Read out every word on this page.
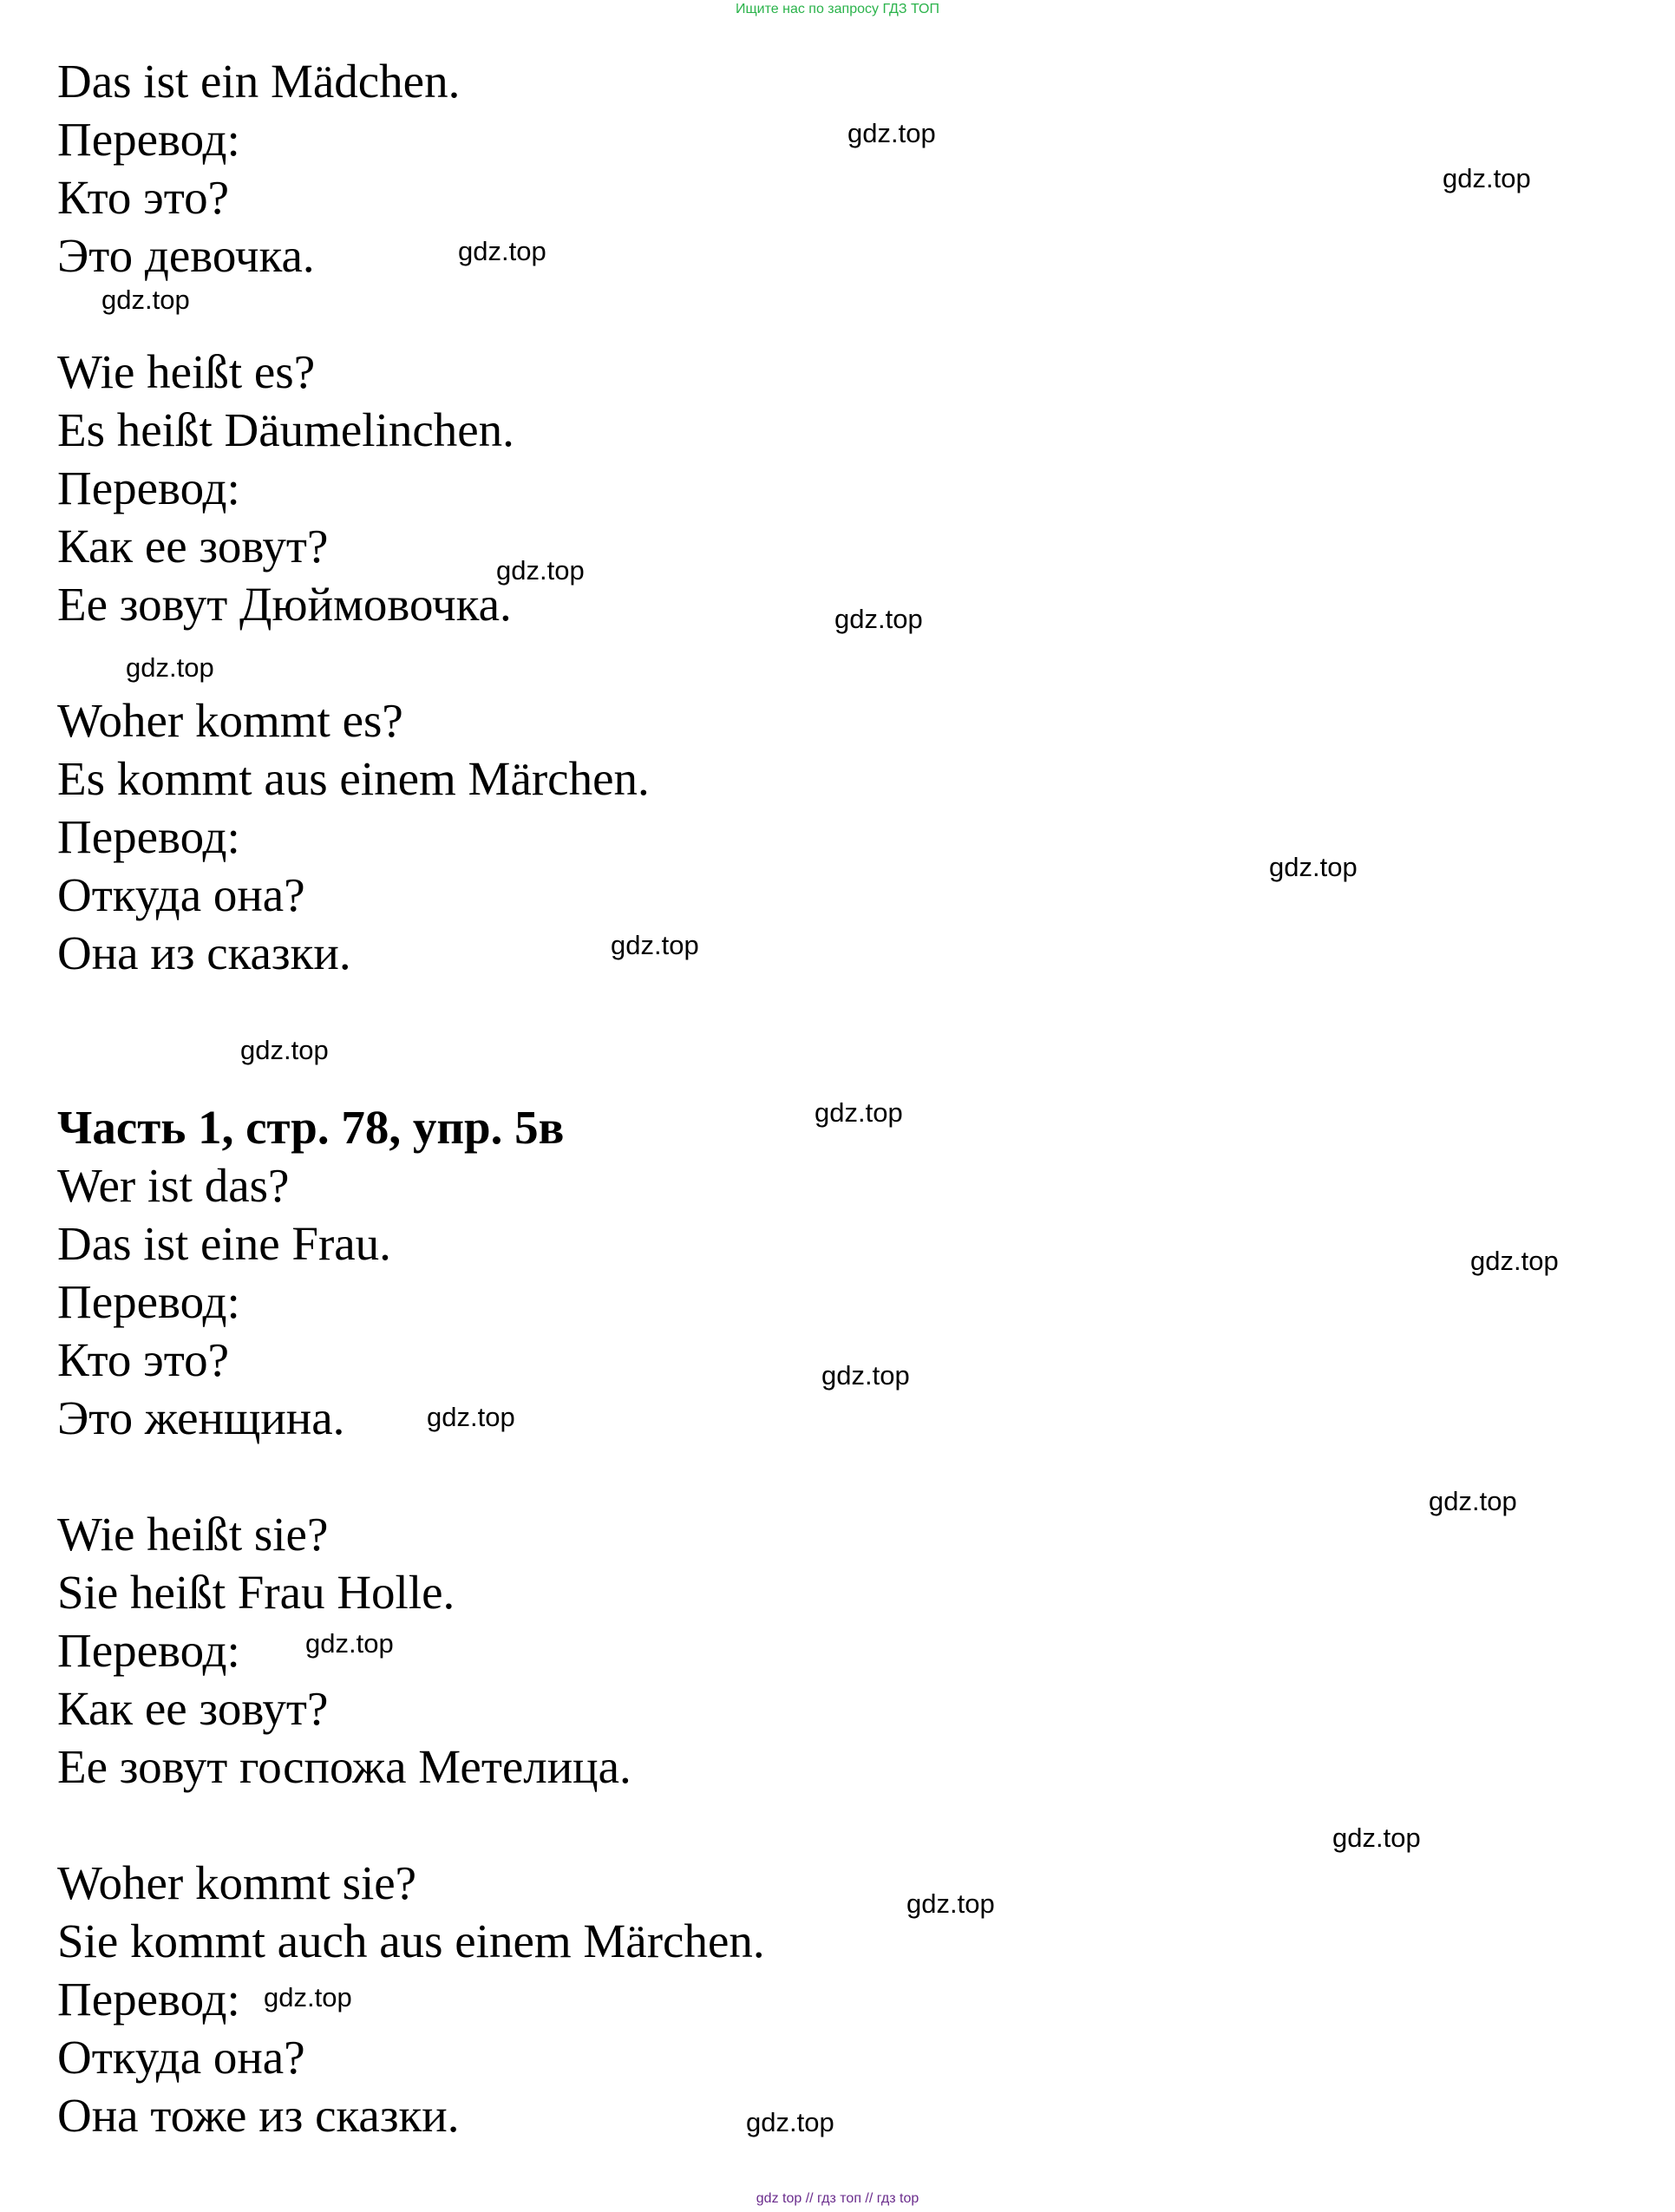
Ищите нас по запросу ГДЗ ТОП
Das ist ein Mädchen.
Перевод:
Кто это?
Это девочка.
Wie heißt es?
Es heißt Däumelinchen.
Перевод:
Как ее зовут?
Ее зовут Дюймовочка.
Woher kommt es?
Es kommt aus einem Märchen.
Перевод:
Откуда она?
Она из сказки.
Часть 1, стр. 78, упр. 5в
Wer ist das?
Das ist eine Frau.
Перевод:
Кто это?
Это женщина.
Wie heißt sie?
Sie heißt Frau Holle.
Перевод:
Как ее зовут?
Ее зовут госпожа Метелица.
Woher kommt sie?
Sie kommt auch aus einem Märchen.
Перевод:
Откуда она?
Она тоже из сказки.
gdz.top
gdz.top
gdz.top
gdz.top
gdz.top
gdz.top
gdz.top
gdz.top
gdz.top
gdz.top
gdz.top
gdz.top
gdz.top
gdz.top
gdz.top
gdz.top
gdz.top
gdz.top
gdz.top
gdz.top
gdz top // гдз топ // гдз top
